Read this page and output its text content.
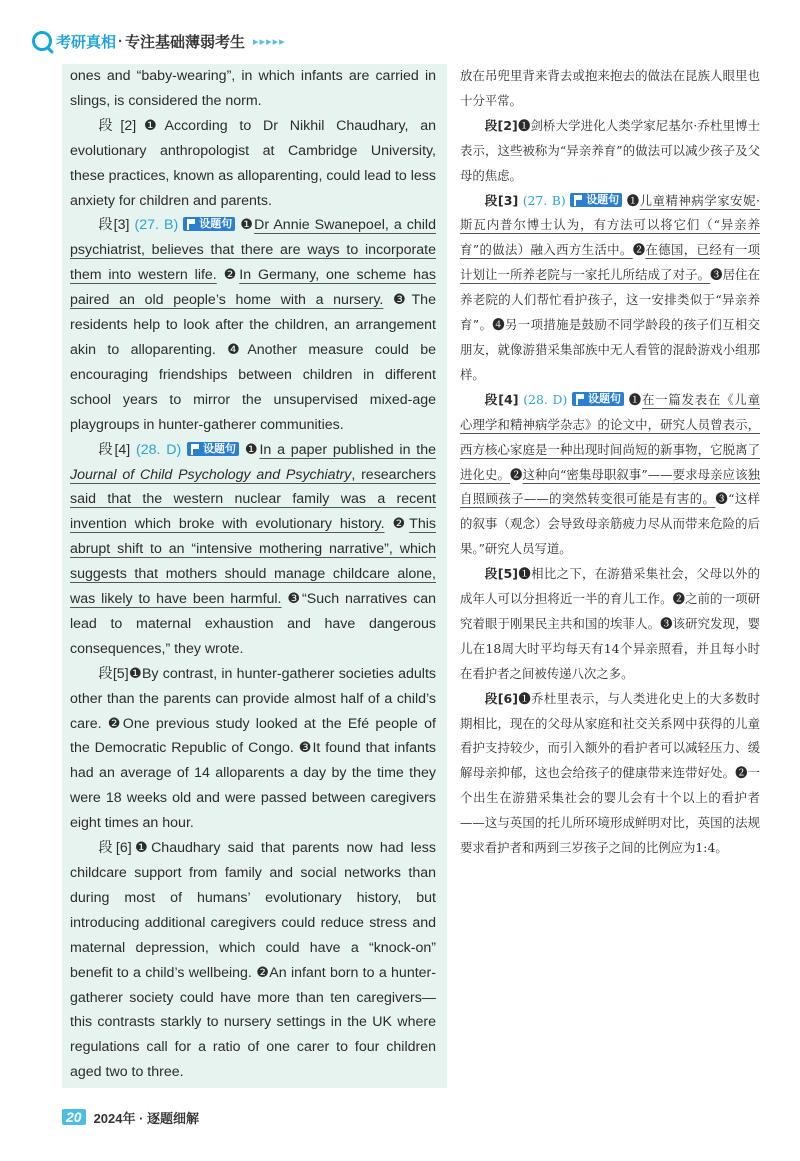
考研真相 · 专注基础薄弱考生 ▸▸▸▸▸

ones and “baby-wearing”, in which infants are carried in slings, is considered the norm.

段[2]❶According to Dr Nikhil Chaudhary, an evolutionary anthropologist at Cambridge University, these practices, known as alloparenting, could lead to less anxiety for children and parents.

段[3] (27. B) 设题句 ❶Dr Annie Swanepoel, a child psychiatrist, believes that there are ways to incorporate them into western life. ❷In Germany, one scheme has paired an old people’s home with a nursery. ❸The residents help to look after the children, an arrangement akin to alloparenting. ❹Another measure could be encouraging friendships between children in different school years to mirror the unsupervised mixed-age playgroups in hunter-gatherer communities.

段[4] (28. D) 设题句 ❶In a paper published in the Journal of Child Psychology and Psychiatry, researchers said that the western nuclear family was a recent invention which broke with evolutionary history. ❷This abrupt shift to an “intensive mothering narrative”, which suggests that mothers should manage childcare alone, was likely to have been harmful. ❸“Such narratives can lead to maternal exhaustion and have dangerous consequences,” they wrote.

段[5]❶By contrast, in hunter-gatherer societies adults other than the parents can provide almost half of a child’s care. ❷One previous study looked at the Efé people of the Democratic Republic of Congo. ❸It found that infants had an average of 14 alloparents a day by the time they were 18 weeks old and were passed between caregivers eight times an hour.

段[6]❶Chaudhary said that parents now had less childcare support from family and social networks than during most of humans’ evolutionary history, but introducing additional caregivers could reduce stress and maternal depression, which could have a “knock-on” benefit to a child’s wellbeing. ❷An infant born to a hunter-gatherer society could have more than ten caregivers—this contrasts starkly to nursery settings in the UK where regulations call for a ratio of one carer to four children aged two to three.

放在吊兜里背来背去或抱来抱去的做法在昆族人眼里也十分平常。

段[2]❶剑桥大学进化人类学家尼基尔·乔杜里博士表示，这些被称为“异亲养育”的做法可以减少孩子及父母的焦虑。

段[3] (27. B) 设题句 ❶儿童精神病学家安妮·斯瓦内普尔博士认为，有方法可以将它们（“异亲养育”的做法）融入西方生活中。❷在德国，已经有一项计划让一所养老院与一家托儿所结成了对子。❸居住在养老院的人们帮忙看护孩子，这一安排类似于“异亲养育”。❹另一项措施是鼓励不同学龄段的孩子们互相交朋友，就像游猎采集部族中无人看管的混龄游戏小组那样。

段[4] (28. D) 设题句 ❶在一篇发表在《儿童心理学和精神病学杂志》的论文中，研究人员曾表示，西方核心家庭是一种出现时间尚短的新事物，它脱离了进化史。❷这种向“密集母职叙事”——要求母亲应该独自照顾孩子——的突然转变很可能是有害的。❸“这样的叙事（观念）会导致母亲筋疲力尽从而带来危险的后果。”研究人员写道。

段[5]❶相比之下，在游猎采集社会，父母以外的成年人可以分担将近一半的育儿工作。❷之前的一项研究着眼于刚果民主共和国的埃菲人。❸该研究发现，婴儿在18周大时平均每天有14个异亲照看，并且每小时在看护者之间被传递八次之多。

段[6]❶乔杜里表示，与人类进化史上的大多数时期相比，现在的父母从家庭和社交关系网中获得的儿童看护支持较少，而引入额外的看护者可以减轻压力、缓解母亲抑郁，这也会给孩子的健康带来连带好处。❷一个出生在游猎采集社会的婴儿会有十个以上的看护者——这与英国的托儿所环境形成鲜明对比，英国的法规要求看护者和两到三岁孩子之间的比例应为1:4。

20 2024年 · 逐题细解
